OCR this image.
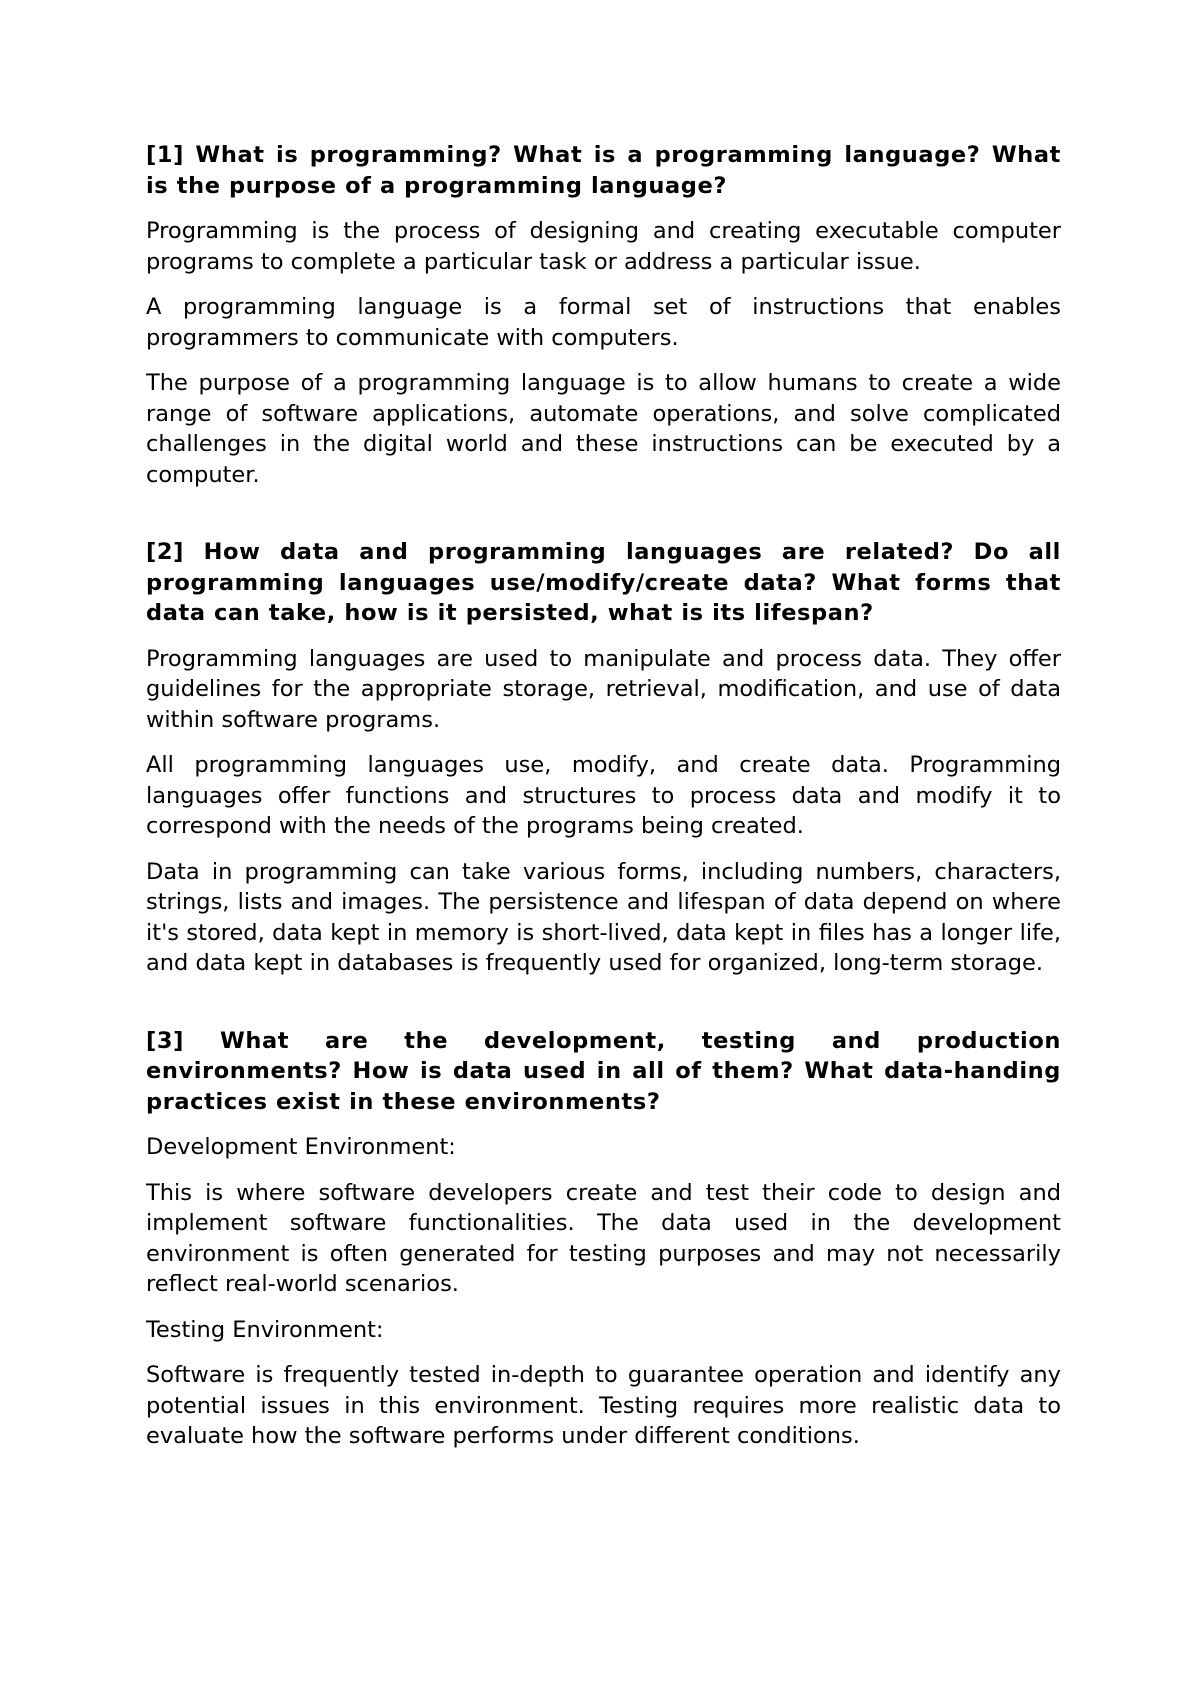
[1] What is programming? What is a programming language? What is the purpose of a programming language?

Programming is the process of designing and creating executable computer programs to complete a particular task or address a particular issue.

A programming language is a formal set of instructions that enables programmers to communicate with computers.

The purpose of a programming language is to allow humans to create a wide range of software applications, automate operations, and solve complicated challenges in the digital world and these instructions can be executed by a computer.

[2] How data and programming languages are related? Do all programming languages use/modify/create data? What forms that data can take, how is it persisted, what is its lifespan?

Programming languages are used to manipulate and process data. They offer guidelines for the appropriate storage, retrieval, modification, and use of data within software programs.

All programming languages use, modify, and create data. Programming languages offer functions and structures to process data and modify it to correspond with the needs of the programs being created.

Data in programming can take various forms, including numbers, characters, strings, lists and images. The persistence and lifespan of data depend on where it's stored, data kept in memory is short-lived, data kept in files has a longer life, and data kept in databases is frequently used for organized, long-term storage.

[3] What are the development, testing and production environments? How is data used in all of them? What data-handing practices exist in these environments?

Development Environment:

This is where software developers create and test their code to design and implement software functionalities. The data used in the development environment is often generated for testing purposes and may not necessarily reflect real-world scenarios.

Testing Environment:

Software is frequently tested in-depth to guarantee operation and identify any potential issues in this environment. Testing requires more realistic data to evaluate how the software performs under different conditions.
